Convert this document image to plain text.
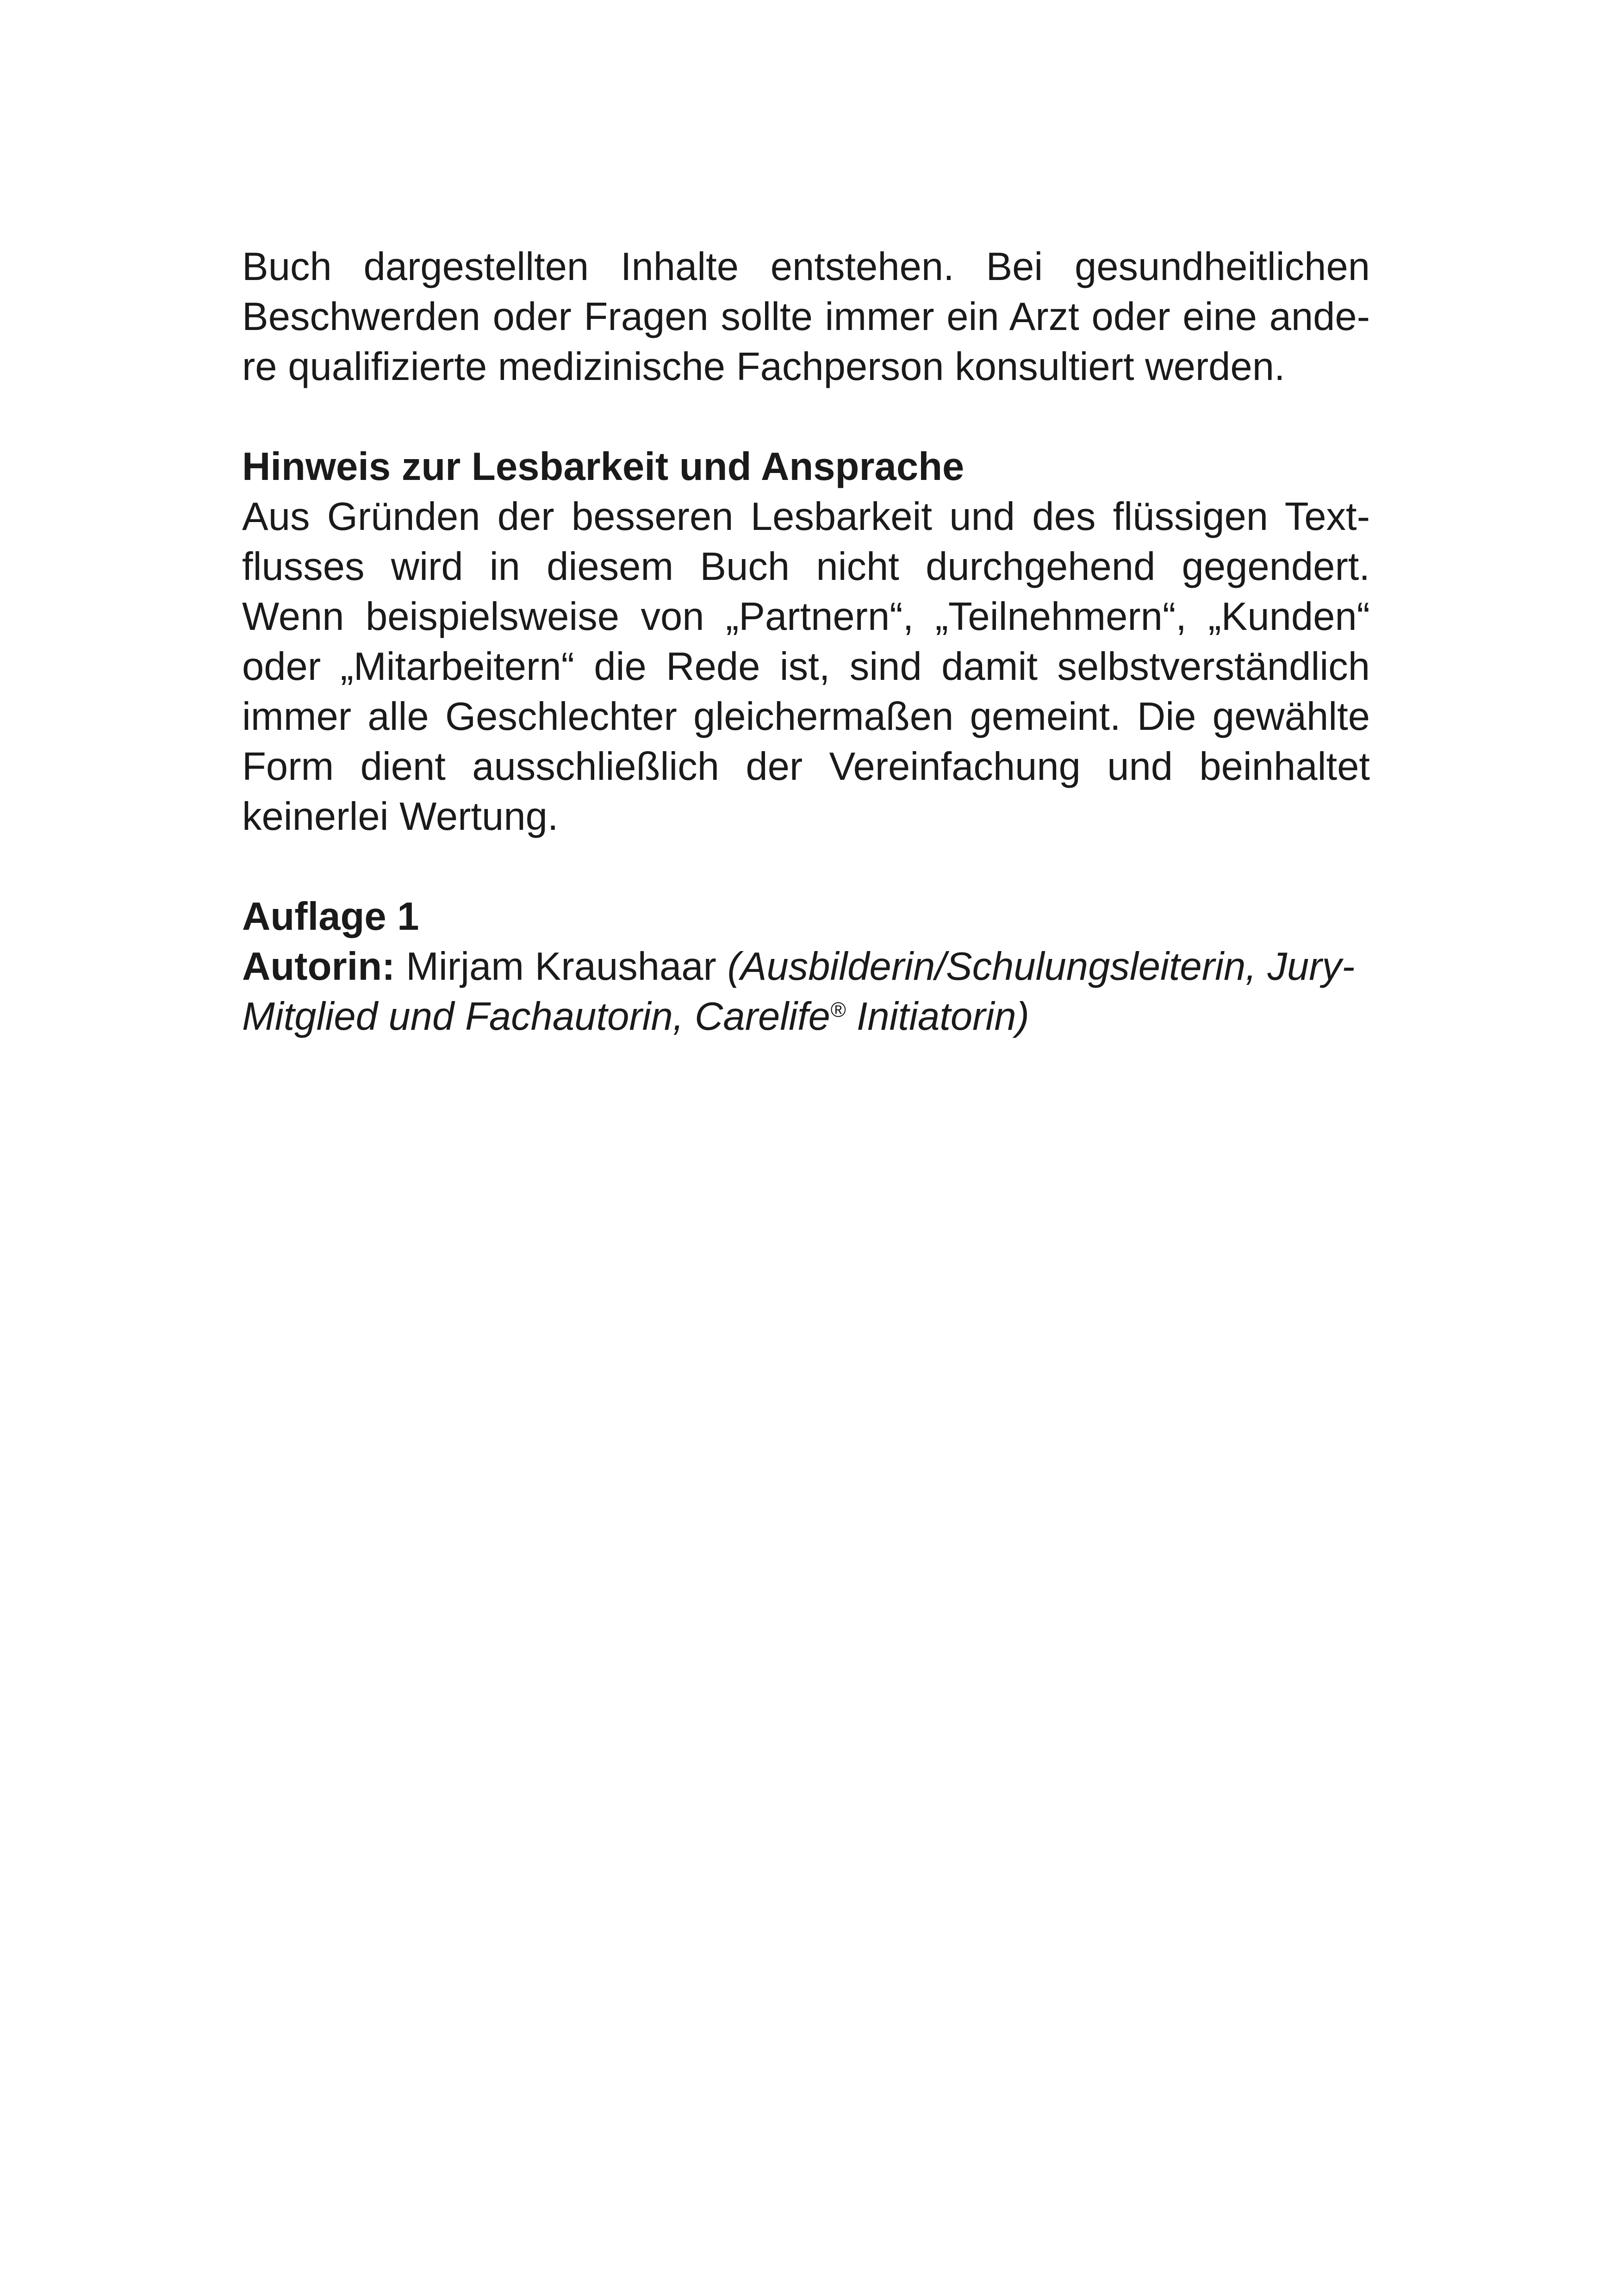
Buch dargestellten Inhalte entstehen. Bei gesundheitlichen Beschwerden oder Fragen sollte immer ein Arzt oder eine andere qualifizierte medizinische Fachperson konsultiert werden.

Hinweis zur Lesbarkeit und Ansprache

Aus Gründen der besseren Lesbarkeit und des flüssigen Textflusses wird in diesem Buch nicht durchgehend gegendert. Wenn beispielsweise von „Partnern“, „Teilnehmern“, „Kunden“ oder „Mitarbeitern“ die Rede ist, sind damit selbstverständlich immer alle Geschlechter gleichermaßen gemeint. Die gewählte Form dient ausschließlich der Vereinfachung und beinhaltet keinerlei Wertung.

Auflage 1

Autorin: Mirjam Kraushaar (Ausbilderin/Schulungsleiterin, Jury-Mitglied und Fachautorin, Carelife® Initiatorin)
